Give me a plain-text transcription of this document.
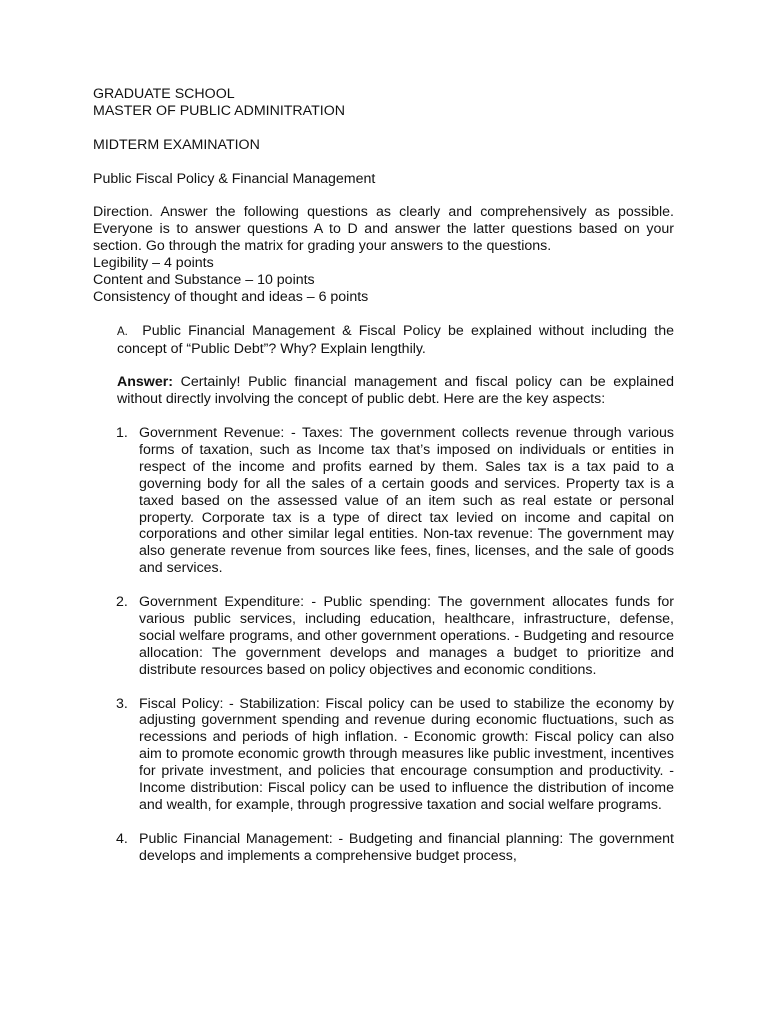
GRADUATE SCHOOL

MASTER OF PUBLIC ADMINITRATION

MIDTERM EXAMINATION

Public Fiscal Policy & Financial Management

Direction. Answer the following questions as clearly and comprehensively as possible. Everyone is to answer questions A to D and answer the latter questions based on your section. Go through the matrix for grading your answers to the questions.

Legibility – 4 points

Content and Substance – 10 points

Consistency of thought and ideas – 6 points

A. Public Financial Management & Fiscal Policy be explained without including the concept of “Public Debt”? Why? Explain lengthily.

Answer: Certainly! Public financial management and fiscal policy can be explained without directly involving the concept of public debt. Here are the key aspects:

1. Government Revenue: - Taxes: The government collects revenue through various forms of taxation, such as Income tax that’s imposed on individuals or entities in respect of the income and profits earned by them. Sales tax is a tax paid to a governing body for all the sales of a certain goods and services. Property tax is a taxed based on the assessed value of an item such as real estate or personal property. Corporate tax is a type of direct tax levied on income and capital on corporations and other similar legal entities. Non-tax revenue: The government may also generate revenue from sources like fees, fines, licenses, and the sale of goods and services.
2. Government Expenditure: - Public spending: The government allocates funds for various public services, including education, healthcare, infrastructure, defense, social welfare programs, and other government operations. - Budgeting and resource allocation: The government develops and manages a budget to prioritize and distribute resources based on policy objectives and economic conditions.
3. Fiscal Policy: - Stabilization: Fiscal policy can be used to stabilize the economy by adjusting government spending and revenue during economic fluctuations, such as recessions and periods of high inflation. - Economic growth: Fiscal policy can also aim to promote economic growth through measures like public investment, incentives for private investment, and policies that encourage consumption and productivity. - Income distribution: Fiscal policy can be used to influence the distribution of income and wealth, for example, through progressive taxation and social welfare programs.
4. Public Financial Management: - Budgeting and financial planning: The government develops and implements a comprehensive budget process,
